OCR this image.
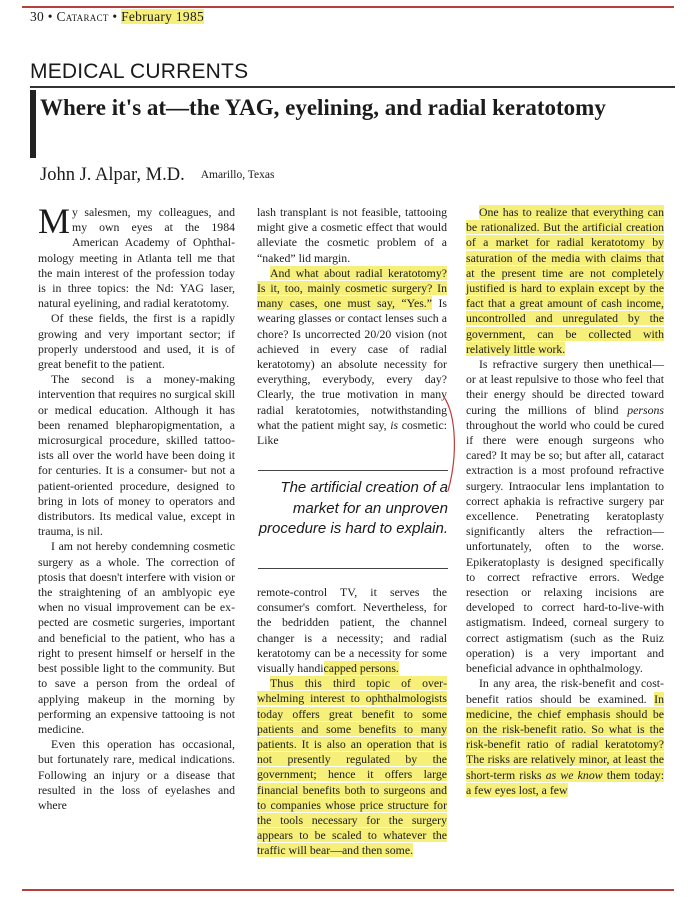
30 • Cataract • February 1985
MEDICAL CURRENTS
Where it's at—the YAG, eyelining, and radial keratotomy
John J. Alpar, M.D. Amarillo, Texas

My salesmen, my colleagues, and my own eyes at the 1984 American Academy of Ophthalmology meeting in Atlanta tell me that the main interest of the profession today is in three topics: the Nd: YAG laser, natural eyelining, and radial keratotomy.

Of these fields, the first is a rapidly growing and very important sector; if properly understood and used, it is of great benefit to the patient.

The second is a money-making intervention that requires no surgical skill or medical education. Although it has been renamed blepharopigmentation, a microsurgical procedure, skilled tattooists all over the world have been doing it for centuries. It is a consumer- but not a patient-oriented procedure, designed to bring in lots of money to operators and distributors. Its medical value, except in trauma, is nil.

I am not hereby condemning cosmetic surgery as a whole. The correction of ptosis that doesn't interfere with vision or the straightening of an amblyopic eye when no visual improvement can be expected are cosmetic surgeries, important and beneficial to the patient, who has a right to present himself or herself in the best possible light to the community. But to save a person from the ordeal of applying makeup in the morning by performing an expensive tattooing is not medicine.

Even this operation has occasional, but fortunately rare, medical indications. Following an injury or a disease that resulted in the loss of eyelashes and where

lash transplant is not feasible, tattooing might give a cosmetic effect that would alleviate the cosmetic problem of a “naked” lid margin.

And what about radial keratotomy? Is it, too, mainly cosmetic surgery? In many cases, one must say, “Yes.” Is wearing glasses or contact lenses such a chore? Is uncorrected 20/20 vision (not achieved in every case of radial keratotomy) an absolute necessity for everything, everybody, every day? Clearly, the true motivation in many radial keratotomies, notwithstanding what the patient might say, is cosmetic: Like

The artificial creation of a market for an unproven procedure is hard to explain.

remote-control TV, it serves the consumer's comfort. Nevertheless, for the bedridden patient, the channel changer is a necessity; and radial keratotomy can be a necessity for some visually handicapped persons.

Thus this third topic of overwhelming interest to ophthalmologists today offers great benefit to some patients and some benefits to many patients. It is also an operation that is not presently regulated by the government; hence it offers large financial benefits both to surgeons and to companies whose price structure for the tools necessary for the surgery appears to be scaled to whatever the traffic will bear—and then some.

One has to realize that everything can be rationalized. But the artificial creation of a market for radial keratotomy by saturation of the media with claims that at the present time are not completely justified is hard to explain except by the fact that a great amount of cash income, uncontrolled and unregulated by the government, can be collected with relatively little work.

Is refractive surgery then unethical—or at least repulsive to those who feel that their energy should be directed toward curing the millions of blind persons throughout the world who could be cured if there were enough surgeons who cared? It may be so; but after all, cataract extraction is a most profound refractive surgery. Intraocular lens implantation to correct aphakia is refractive surgery par excellence. Penetrating keratoplasty significantly alters the refraction—unfortunately, often to the worse. Epikeratoplasty is designed specifically to correct refractive errors. Wedge resection or relaxing incisions are developed to correct hard-to-live-with astigmatism. Indeed, corneal surgery to correct astigmatism (such as the Ruiz operation) is a very important and beneficial advance in ophthalmology.

In any area, the risk-benefit and cost-benefit ratios should be examined. In medicine, the chief emphasis should be on the risk-benefit ratio. So what is the risk-benefit ratio of radial keratotomy? The risks are relatively minor, at least the short-term risks as we know them today: a few eyes lost, a few
